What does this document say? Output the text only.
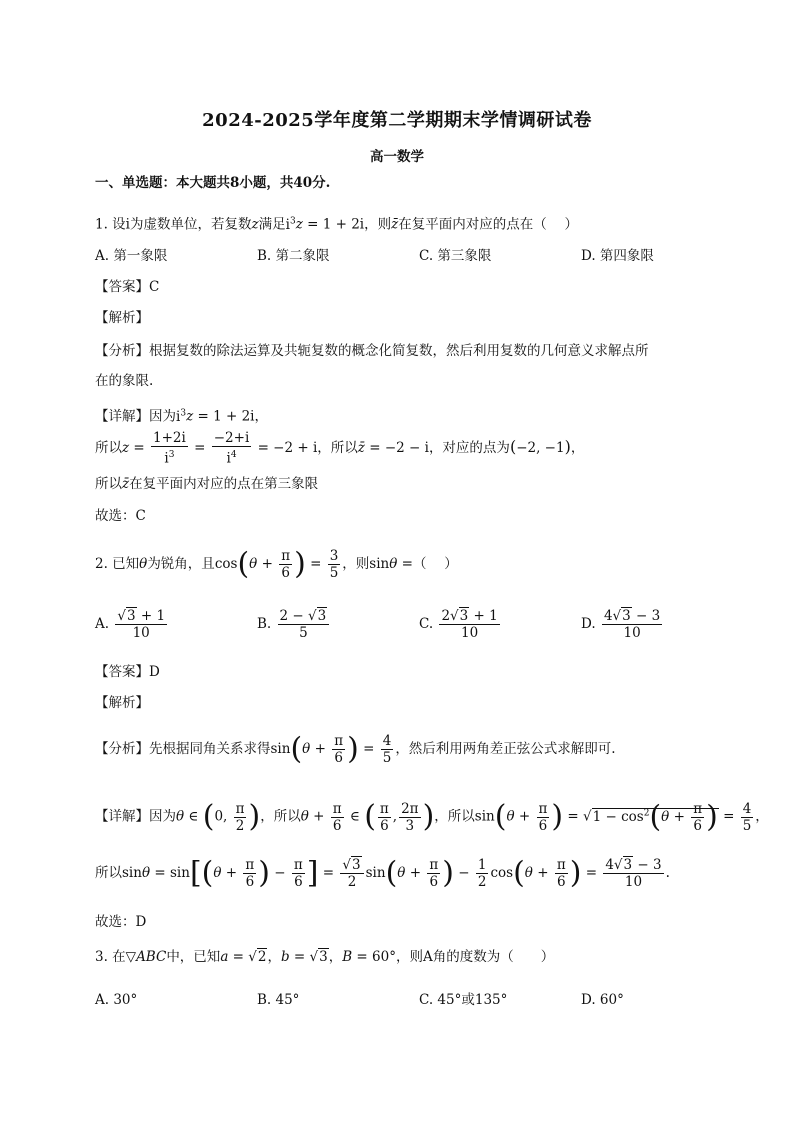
2024-2025学年度第二学期期末学情调研试卷
高一数学
一、单选题：本大题共8小题，共40分.
1. 设i为虚数单位，若复数z满足$i^3z = 1 + 2i$，则z̄在复平面内对应的点在（　 ）
A. 第一象限	B. 第二象限	C. 第三象限	D. 第四象限
【答案】C
【解析】
【分析】根据复数的除法运算及共轭复数的概念化简复数，然后利用复数的几何意义求解点所
在的象限.
【详解】因为$i^3z = 1 + 2i$，
所以$z = \frac{1+2i}{i^3} = \frac{-2+i}{i^4} = -2 + i$，所以z̄ = −2 − i，对应的点为(−2, −1)，
所以z̄在复平面内对应的点在第三象限
故选：C
2. 已知θ为锐角，且$\cos(\theta + \frac{\pi}{6}$ ) = $\frac{3}{5}$ ，则sinθ =（　 ）
A. $\frac{√3 + 1}{10}$	B. $\frac{2 - √3}{5}$	C. $\frac{2√3 + 1}{10}$	D. $\frac{4√3 - 3}{10}$
【答案】D
【解析】
【分析】先根据同角关系求得$\sin(\theta + \frac{\pi}{6}$ ) = $\frac{4}{5}$ ，然后利用两角差正弦公式求解即可.
【详解】因为θ ∈ (0, $\frac{\pi}{2}$ )，所以$\theta + \frac{\pi}{6}$ ∈ ( $\frac{\pi}{6}$ , $\frac{2\pi}{3}$ )，所以$\sin(\theta + \frac{\pi}{6}$ ) = $√1 - \cos^2(\theta + \frac{\pi}{6}$ ) = $\frac{4}{5}$ ，
所以$\sin\theta = \sin[(\theta + \frac{\pi}{6}$ ) − $\frac{\pi}{6}$ ] = $\frac{√3}{2} \sin(\theta + \frac{\pi}{6}$ ) − $\frac{1}{2} \cos(\theta + \frac{\pi}{6}$ ) = $\frac{4√3 - 3}{10}$ .
故选：D
3. 在▽ABC中，已知a = √2，b = √3，B = 60°，则A角的度数为（　　）
A. 30°	B. 45°	C. 45°或135°	D. 60°
